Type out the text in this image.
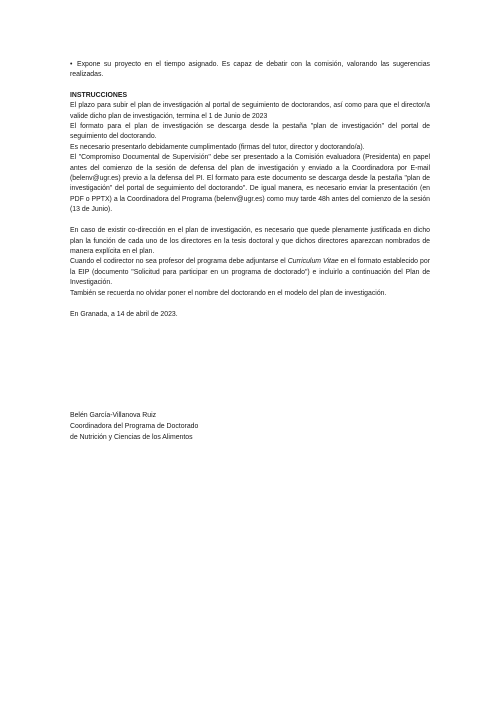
• Expone su proyecto en el tiempo asignado. Es capaz de debatir con la comisión, valorando las sugerencias realizadas.

INSTRUCCIONES

El plazo para subir el plan de investigación al portal de seguimiento de doctorandos, así como para que el director/a valide dicho plan de investigación, termina el 1 de Junio de 2023

El formato para el plan de investigación se descarga desde la pestaña "plan de investigación" del portal de seguimiento del doctorando.

Es necesario presentarlo debidamente cumplimentado (firmas del tutor, director y doctorando/a).

El "Compromiso Documental de Supervisión" debe ser presentado a la Comisión evaluadora (Presidenta) en papel antes del comienzo de la sesión de defensa del plan de investigación y enviado a la Coordinadora por E-mail (belenv@ugr.es) previo a la defensa del PI. El formato para este documento se descarga desde la pestaña "plan de investigación" del portal de seguimiento del doctorando". De igual manera, es necesario enviar la presentación (en PDF o PPTX) a la Coordinadora del Programa (belenv@ugr.es) como muy tarde 48h antes del comienzo de la sesión (13 de Junio).

En caso de existir co-dirección en el plan de investigación, es necesario que quede plenamente justificada en dicho plan la función de cada uno de los directores en la tesis doctoral y que dichos directores aparezcan nombrados de manera explícita en el plan.

Cuando el codirector no sea profesor del programa debe adjuntarse el Curriculum Vitae en el formato establecido por la EIP (documento "Solicitud para participar en un programa de doctorado") e incluirlo a continuación del Plan de Investigación.

También se recuerda no olvidar poner el nombre del doctorando en el modelo del plan de investigación.

En Granada, a 14 de abril de 2023.

Belén García-Villanova Ruiz

Coordinadora del Programa de Doctorado

de Nutrición y Ciencias de los Alimentos
